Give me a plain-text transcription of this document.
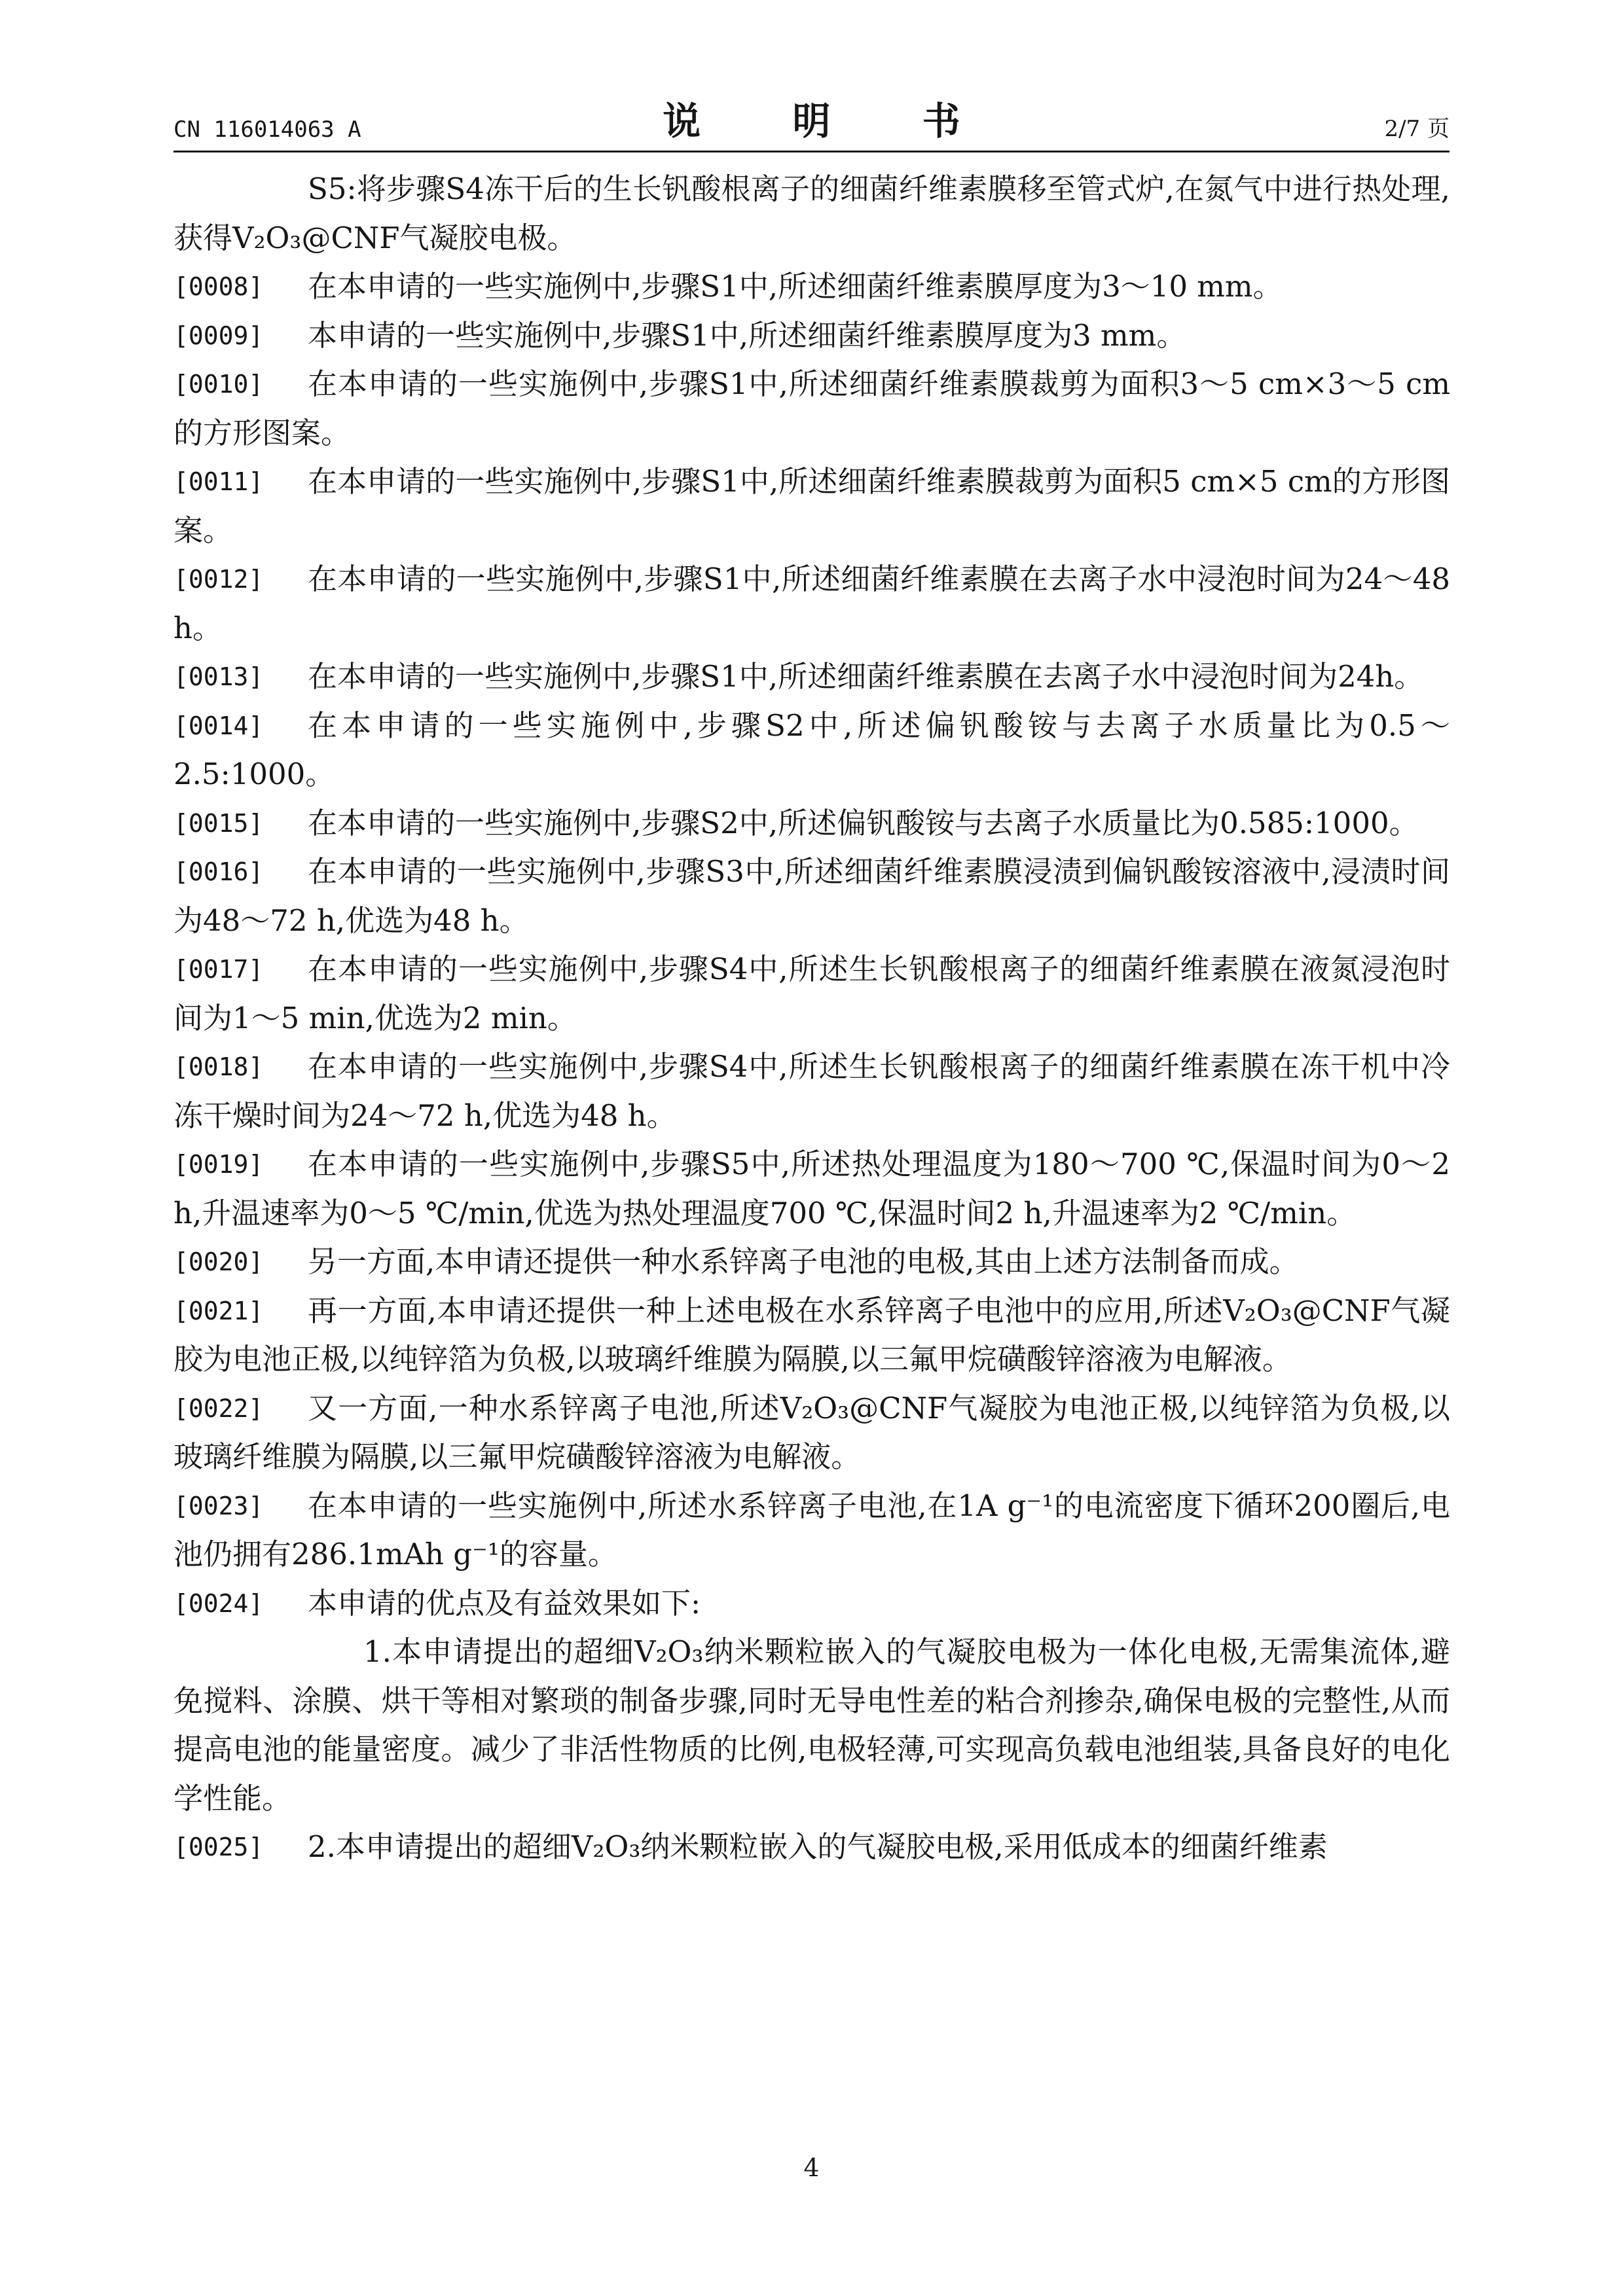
CN 116014063 A	说 明 书	2/7 页
S5:将步骤S4冻干后的生长钒酸根离子的细菌纤维素膜移至管式炉,在氮气中进行热处理,获得V₂O₃@CNF气凝胶电极。
[0008]	在本申请的一些实施例中,步骤S1中,所述细菌纤维素膜厚度为3～10 mm。
[0009]	本申请的一些实施例中,步骤S1中,所述细菌纤维素膜厚度为3 mm。
[0010]	在本申请的一些实施例中,步骤S1中,所述细菌纤维素膜裁剪为面积3～5 cm×3～5 cm的方形图案。
[0011]	在本申请的一些实施例中,步骤S1中,所述细菌纤维素膜裁剪为面积5 cm×5 cm的方形图案。
[0012]	在本申请的一些实施例中,步骤S1中,所述细菌纤维素膜在去离子水中浸泡时间为24～48 h。
[0013]	在本申请的一些实施例中,步骤S1中,所述细菌纤维素膜在去离子水中浸泡时间为24h。
[0014]	在本申请的一些实施例中,步骤S2中,所述偏钒酸铵与去离子水质量比为0.5～2.5:1000。
[0015]	在本申请的一些实施例中,步骤S2中,所述偏钒酸铵与去离子水质量比为0.585:1000。
[0016]	在本申请的一些实施例中,步骤S3中,所述细菌纤维素膜浸渍到偏钒酸铵溶液中,浸渍时间为48～72 h,优选为48 h。
[0017]	在本申请的一些实施例中,步骤S4中,所述生长钒酸根离子的细菌纤维素膜在液氮浸泡时间为1～5 min,优选为2 min。
[0018]	在本申请的一些实施例中,步骤S4中,所述生长钒酸根离子的细菌纤维素膜在冻干机中冷冻干燥时间为24～72 h,优选为48 h。
[0019]	在本申请的一些实施例中,步骤S5中,所述热处理温度为180～700 ℃,保温时间为0～2 h,升温速率为0～5 ℃/min,优选为热处理温度700 ℃,保温时间2 h,升温速率为2 ℃/min。
[0020]	另一方面,本申请还提供一种水系锌离子电池的电极,其由上述方法制备而成。
[0021]	再一方面,本申请还提供一种上述电极在水系锌离子电池中的应用,所述V₂O₃@CNF气凝胶为电池正极,以纯锌箔为负极,以玻璃纤维膜为隔膜,以三氟甲烷磺酸锌溶液为电解液。
[0022]	又一方面,一种水系锌离子电池,所述V₂O₃@CNF气凝胶为电池正极,以纯锌箔为负极,以玻璃纤维膜为隔膜,以三氟甲烷磺酸锌溶液为电解液。
[0023]	在本申请的一些实施例中,所述水系锌离子电池,在1A g⁻¹的电流密度下循环200圈后,电池仍拥有286.1mAh g⁻¹的容量。
[0024]	本申请的优点及有益效果如下:
1.本申请提出的超细V₂O₃纳米颗粒嵌入的气凝胶电极为一体化电极,无需集流体,避免搅料、涂膜、烘干等相对繁琐的制备步骤,同时无导电性差的粘合剂掺杂,确保电极的完整性,从而提高电池的能量密度。减少了非活性物质的比例,电极轻薄,可实现高负载电池组装,具备良好的电化学性能。
[0025]	2.本申请提出的超细V₂O₃纳米颗粒嵌入的气凝胶电极,采用低成本的细菌纤维素
4
